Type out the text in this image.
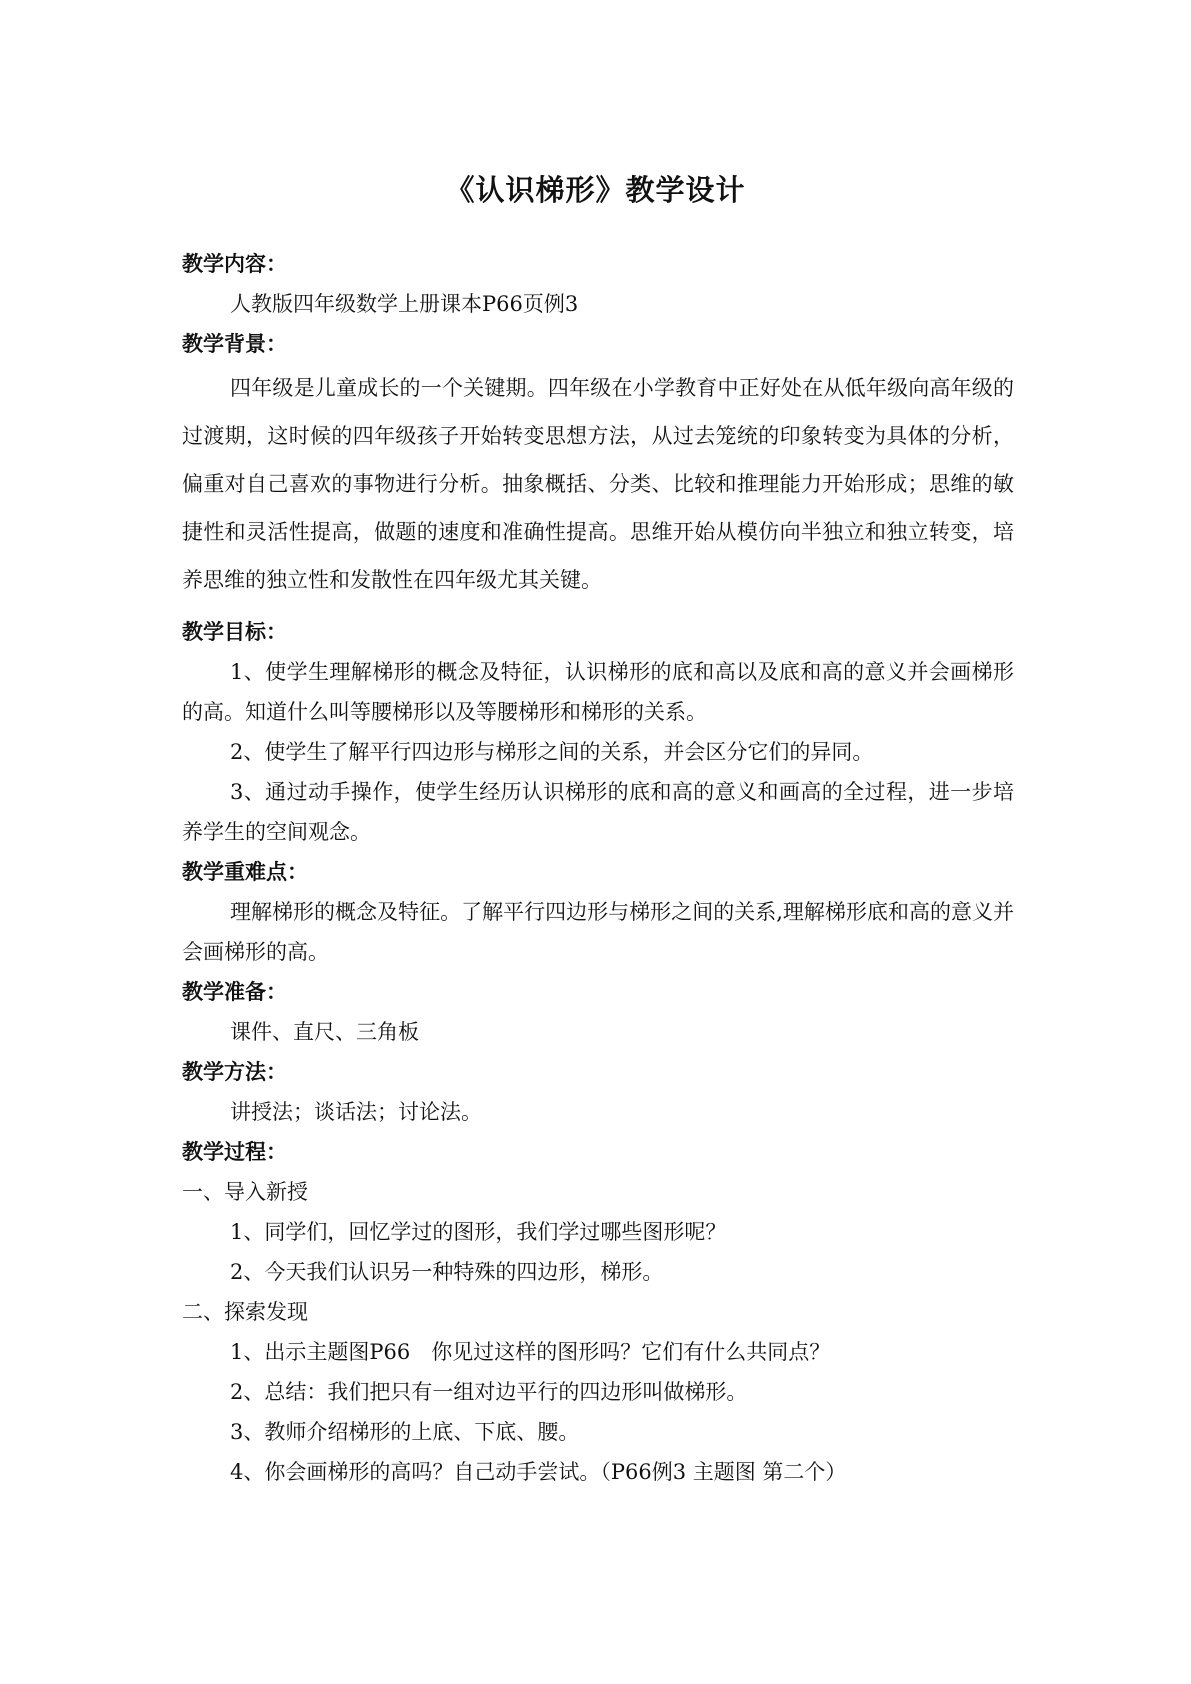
《认识梯形》教学设计
教学内容：
人教版四年级数学上册课本P66页例3
教学背景：
四年级是儿童成长的一个关键期。四年级在小学教育中正好处在从低年级向高年级的过渡期，这时候的四年级孩子开始转变思想方法，从过去笼统的印象转变为具体的分析，偏重对自己喜欢的事物进行分析。抽象概括、分类、比较和推理能力开始形成；思维的敏捷性和灵活性提高，做题的速度和准确性提高。思维开始从模仿向半独立和独立转变，培养思维的独立性和发散性在四年级尤其关键。
教学目标：
1、使学生理解梯形的概念及特征，认识梯形的底和高以及底和高的意义并会画梯形的高。知道什么叫等腰梯形以及等腰梯形和梯形的关系。
2、使学生了解平行四边形与梯形之间的关系，并会区分它们的异同。
3、通过动手操作，使学生经历认识梯形的底和高的意义和画高的全过程，进一步培养学生的空间观念。
教学重难点：
理解梯形的概念及特征。了解平行四边形与梯形之间的关系,理解梯形底和高的意义并会画梯形的高。
教学准备：
课件、直尺、三角板
教学方法：
讲授法；谈话法；讨论法。
教学过程：
一、导入新授
1、同学们，回忆学过的图形，我们学过哪些图形呢？
2、今天我们认识另一种特殊的四边形，梯形。
二、探索发现
1、出示主题图P66　你见过这样的图形吗？它们有什么共同点？
2、总结：我们把只有一组对边平行的四边形叫做梯形。
3、教师介绍梯形的上底、下底、腰。
4、你会画梯形的高吗？自己动手尝试。（P66例3 主题图 第二个）
